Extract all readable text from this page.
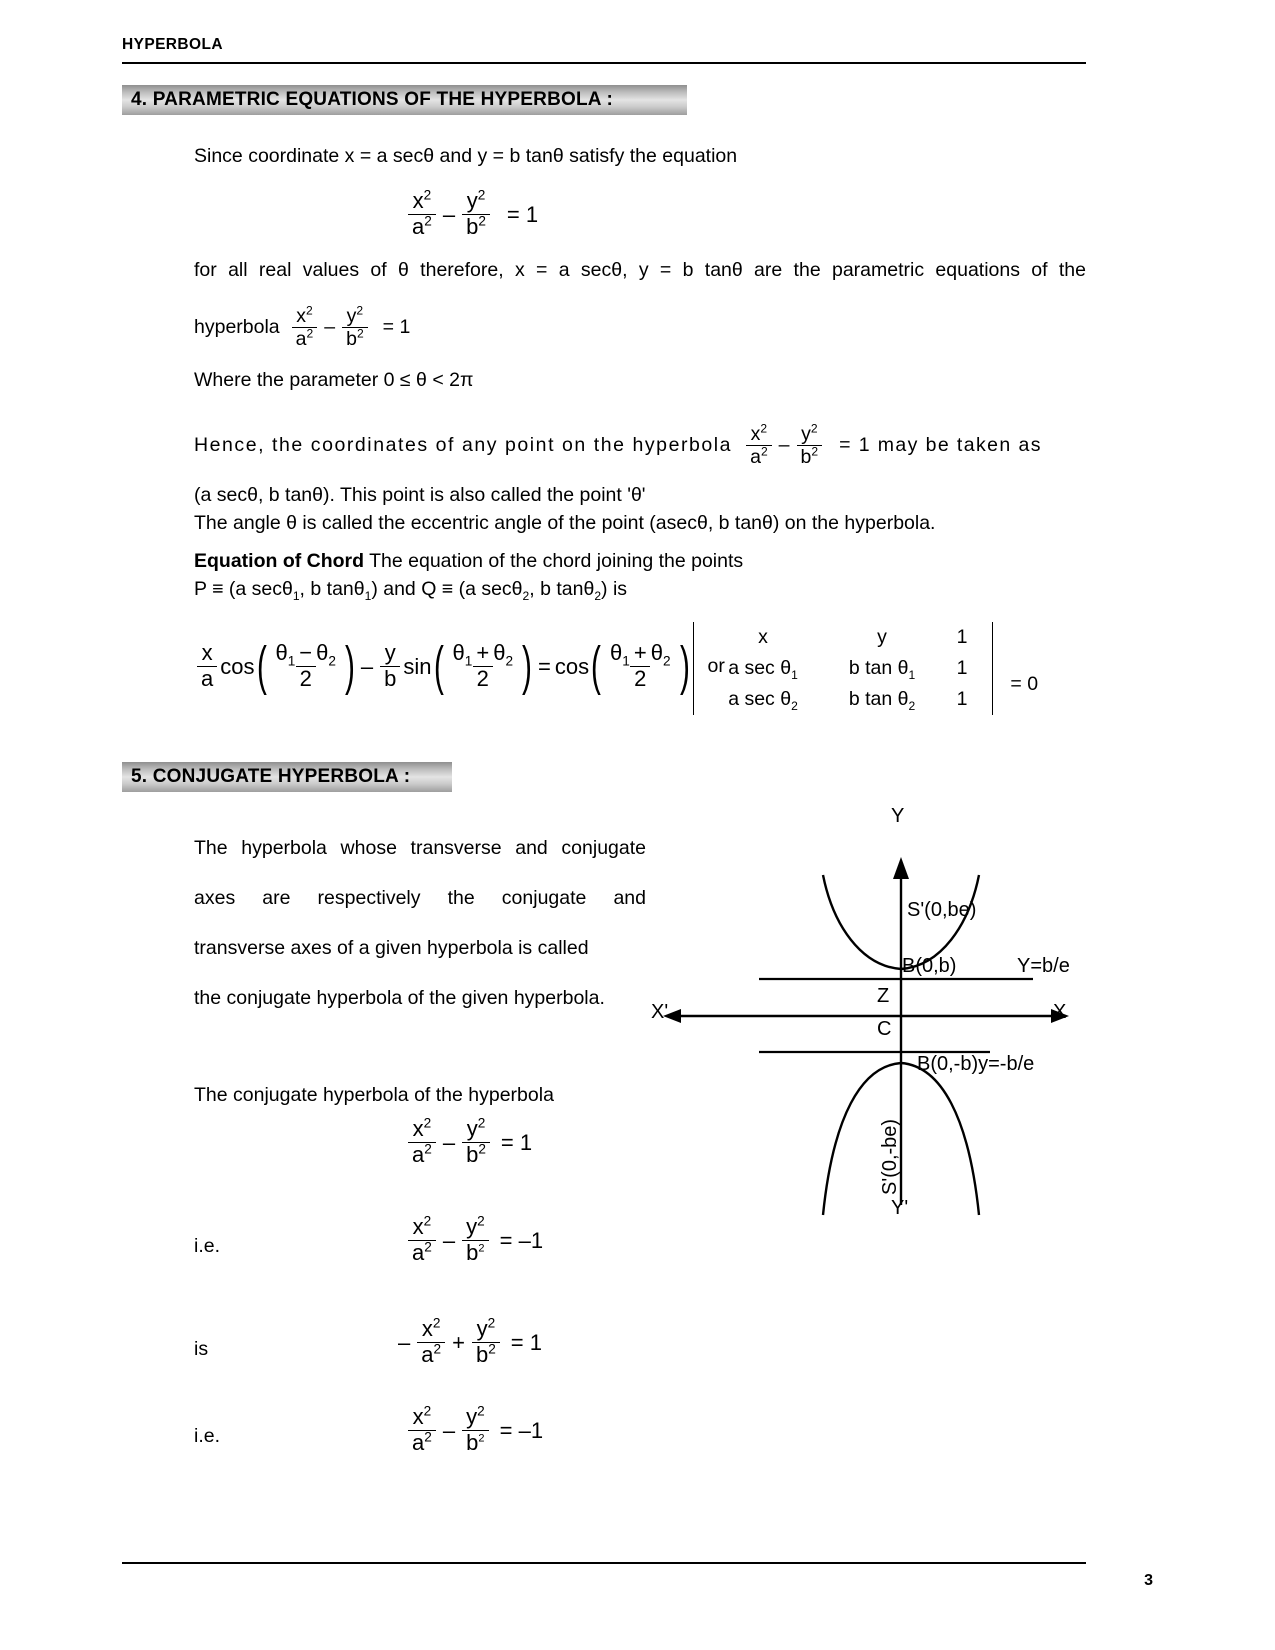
HYPERBOLA
4. PARAMETRIC EQUATIONS OF THE HYPERBOLA :
Since coordinate x = a secθ and y = b tanθ satisfy the equation
$\frac{x^2}{a^2} - \frac{y^2}{b^2} = 1$
for all real values of θ therefore, x = a secθ, y = b tanθ are the parametric equations of the
hyperbola $\frac{x^2}{a^2} - \frac{y^2}{b^2} = 1$
Where the parameter 0 ≤ θ < 2π
Hence, the coordinates of any point on the hyperbola $\frac{x^2}{a^2} - \frac{y^2}{b^2} = 1$ may be taken as
(a secθ, b tanθ). This point is also called the point 'θ'
The angle θ is called the eccentric angle of the point (asecθ, b tanθ) on the hyperbola.
Equation of Chord The equation of the chord joining the points
P ≡ (a secθ$_1$, b tanθ$_1$) and Q ≡ (a secθ$_2$, b tanθ$_2$) is
$\frac{x}{a}$ cos ( $\frac{\theta_1 - \theta_2}{2}$ ) – $\frac{y}{b}$ sin ( $\frac{\theta_1 + \theta_2}{2}$ ) = cos ( $\frac{\theta_1 + \theta_2}{2}$ ) or
x	y	1
a $\sec \theta_1$	b $\tan \theta_1$	1
a $\sec \theta_2$	b $\tan \theta_2$	1
= 0
5. CONJUGATE HYPERBOLA :
The hyperbola whose transverse and conjugate
axes are respectively the conjugate and
transverse axes of a given hyperbola is called
the conjugate hyperbola of the given hyperbola.
Y
Y'
X
X'
S'(0,be)
B(0,b)	Y=b/e
Z
C
B(0,-b)y=-b/e
S'(0,-be)
The conjugate hyperbola of the hyperbola
$\frac{x^2}{a^2} - \frac{y^2}{b^2} = 1$
i.e.	$\frac{x^2}{a^2} - \frac{y^2}{b^2} = -1$
is	– $\frac{x^2}{a^2} + \frac{y^2}{b^2} = 1$
i.e.	$\frac{x^2}{a^2} - \frac{y^2}{b^2} = -1$
3
